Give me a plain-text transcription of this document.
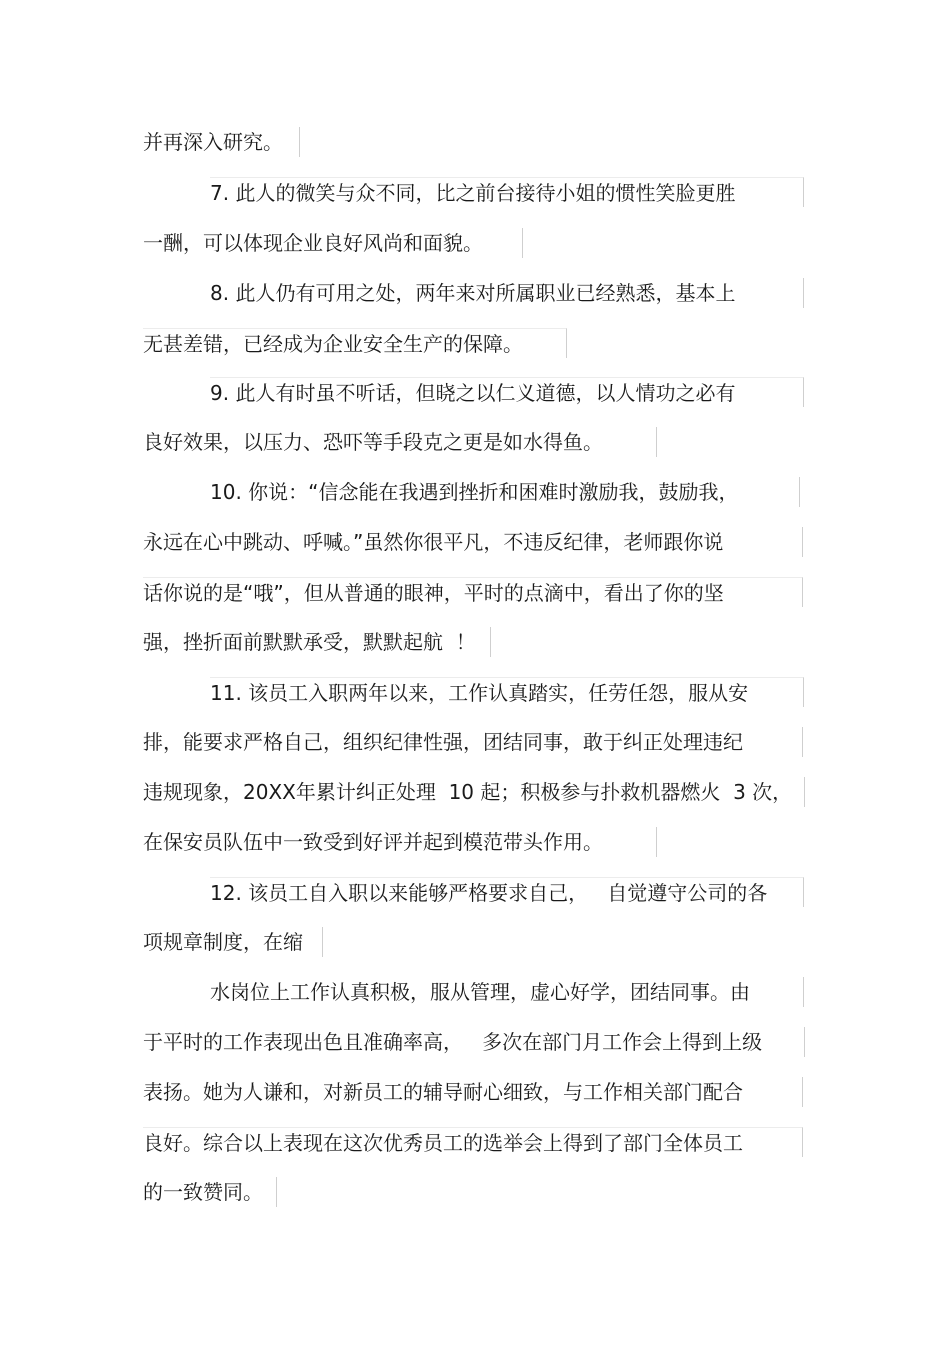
并再深入研究。
7. 此人的微笑与众不同，比之前台接待小姐的惯性笑脸更胜
一酬，可以体现企业良好风尚和面貌。
8. 此人仍有可用之处，两年来对所属职业已经熟悉，基本上
无甚差错，已经成为企业安全生产的保障。
9. 此人有时虽不听话，但晓之以仁义道德，以人情功之必有
良好效果，以压力、恐吓等手段克之更是如水得鱼。
10. 你说：“信念能在我遇到挫折和困难时激励我，鼓励我，
永远在心中跳动、呼喊。”虽然你很平凡，不违反纪律，老师跟你说
话你说的是“哦”，但从普通的眼神，平时的点滴中，看出了你的坚
强，挫折面前默默承受，默默起航  ！
11. 该员工入职两年以来，工作认真踏实，任劳任怨，服从安
排，能要求严格自己，组织纪律性强，团结同事，敢于纠正处理违纪
违规现象，20XX年累计纠正处理  10 起；积极参与扑救机器燃火  3 次，
在保安员队伍中一致受到好评并起到模范带头作用。
12. 该员工自入职以来能够严格要求自己，   自觉遵守公司的各
项规章制度，在缩
水岗位上工作认真积极，服从管理，虚心好学，团结同事。由
于平时的工作表现出色且准确率高，   多次在部门月工作会上得到上级
表扬。她为人谦和，对新员工的辅导耐心细致，与工作相关部门配合
良好。综合以上表现在这次优秀员工的选举会上得到了部门全体员工
的一致赞同。
